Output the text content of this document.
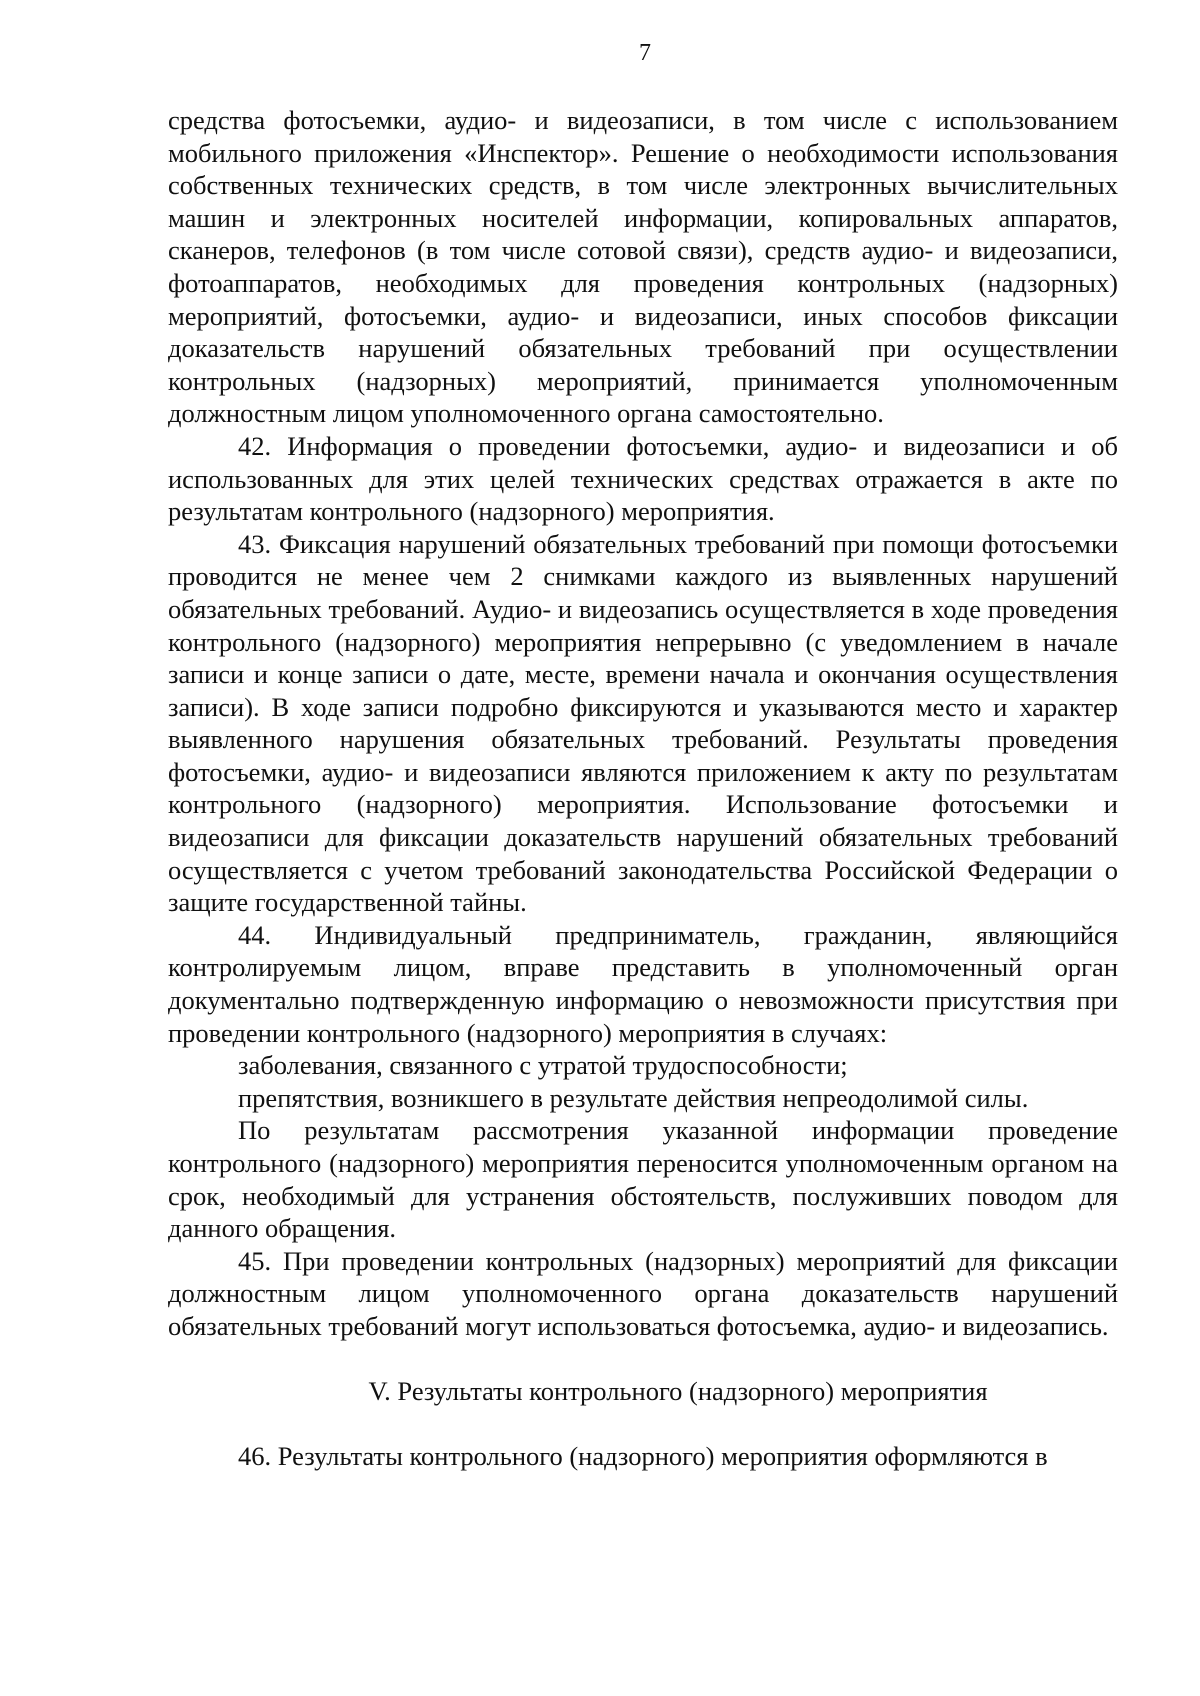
7

средства фотосъемки, аудио- и видеозаписи, в том числе с использованием мобильного приложения «Инспектор». Решение о необходимости использования собственных технических средств, в том числе электронных вычислительных машин и электронных носителей информации, копировальных аппаратов, сканеров, телефонов (в том числе сотовой связи), средств аудио- и видеозаписи, фотоаппаратов, необходимых для проведения контрольных (надзорных) мероприятий, фотосъемки, аудио- и видеозаписи, иных способов фиксации доказательств нарушений обязательных требований при осуществлении контрольных (надзорных) мероприятий, принимается уполномоченным должностным лицом уполномоченного органа самостоятельно.

42. Информация о проведении фотосъемки, аудио- и видеозаписи и об использованных для этих целей технических средствах отражается в акте по результатам контрольного (надзорного) мероприятия.

43. Фиксация нарушений обязательных требований при помощи фотосъемки проводится не менее чем 2 снимками каждого из выявленных нарушений обязательных требований. Аудио- и видеозапись осуществляется в ходе проведения контрольного (надзорного) мероприятия непрерывно (с уведомлением в начале записи и конце записи о дате, месте, времени начала и окончания осуществления записи). В ходе записи подробно фиксируются и указываются место и характер выявленного нарушения обязательных требований. Результаты проведения фотосъемки, аудио- и видеозаписи являются приложением к акту по результатам контрольного (надзорного) мероприятия. Использование фотосъемки и видеозаписи для фиксации доказательств нарушений обязательных требований осуществляется с учетом требований законодательства Российской Федерации о защите государственной тайны.

44. Индивидуальный предприниматель, гражданин, являющийся контролируемым лицом, вправе представить в уполномоченный орган документально подтвержденную информацию о невозможности присутствия при проведении контрольного (надзорного) мероприятия в случаях:

заболевания, связанного с утратой трудоспособности;

препятствия, возникшего в результате действия непреодолимой силы.

По результатам рассмотрения указанной информации проведение контрольного (надзорного) мероприятия переносится уполномоченным органом на срок, необходимый для устранения обстоятельств, послуживших поводом для данного обращения.

45. При проведении контрольных (надзорных) мероприятий для фиксации должностным лицом уполномоченного органа доказательств нарушений обязательных требований могут использоваться фотосъемка, аудио- и видеозапись.

V. Результаты контрольного (надзорного) мероприятия

46. Результаты контрольного (надзорного) мероприятия оформляются в
